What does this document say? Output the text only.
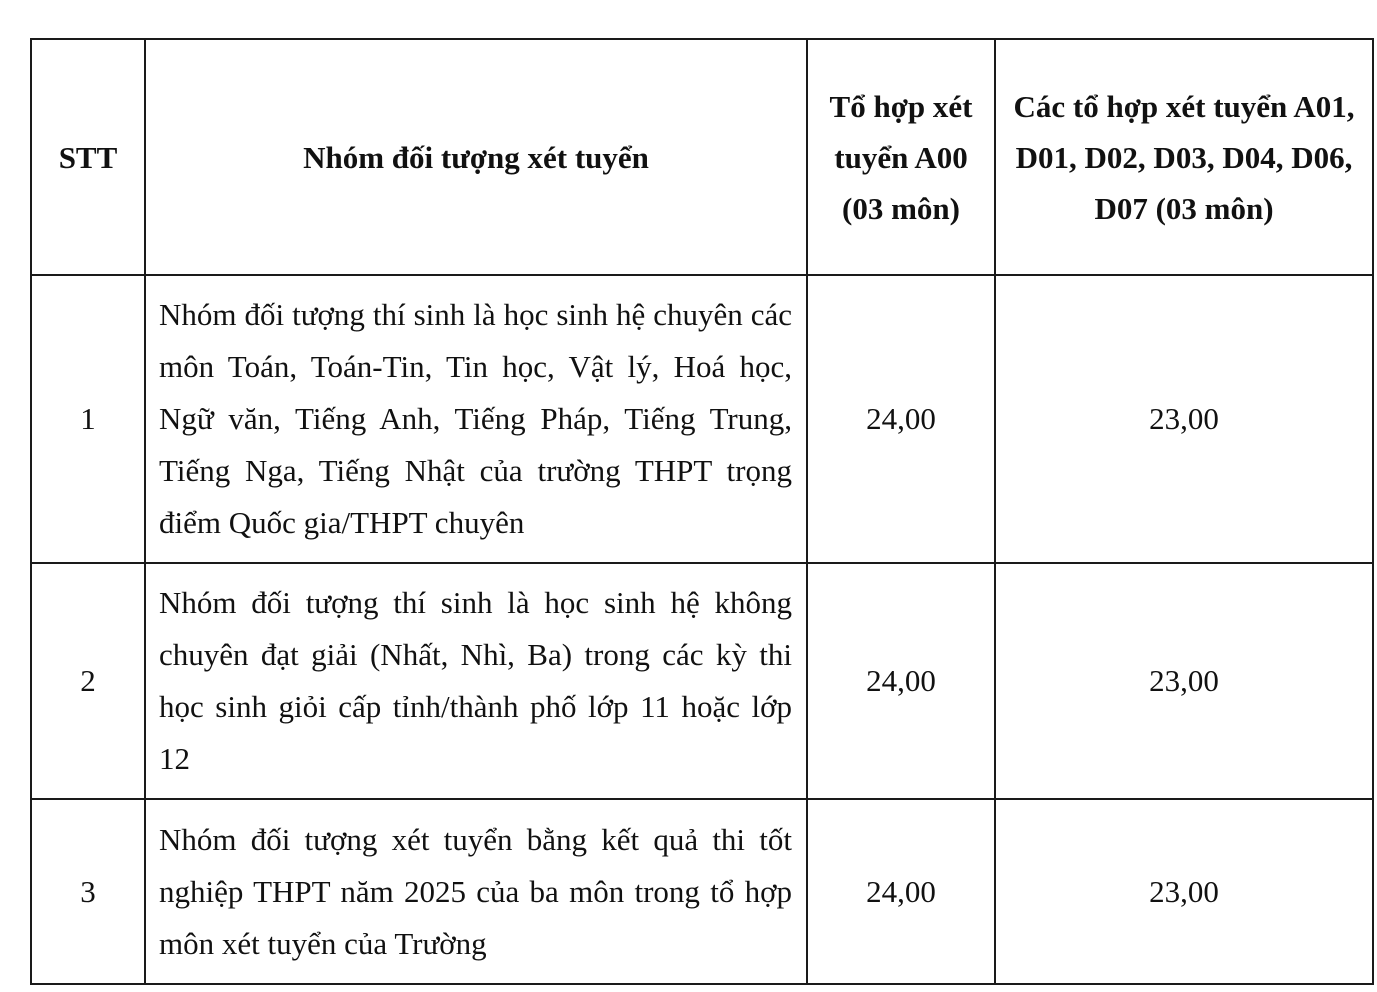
STT	Nhóm đối tượng xét tuyển	Tổ hợp xét tuyển A00 (03 môn)	Các tổ hợp xét tuyển A01, D01, D02, D03, D04, D06, D07 (03 môn)
1	Nhóm đối tượng thí sinh là học sinh hệ chuyên các môn Toán, Toán-Tin, Tin học, Vật lý, Hoá học, Ngữ văn, Tiếng Anh, Tiếng Pháp, Tiếng Trung, Tiếng Nga, Tiếng Nhật của trường THPT trọng điểm Quốc gia/THPT chuyên	24,00	23,00
2	Nhóm đối tượng thí sinh là học sinh hệ không chuyên đạt giải (Nhất, Nhì, Ba) trong các kỳ thi học sinh giỏi cấp tỉnh/thành phố lớp 11 hoặc lớp 12	24,00	23,00
3	Nhóm đối tượng xét tuyển bằng kết quả thi tốt nghiệp THPT năm 2025 của ba môn trong tổ hợp môn xét tuyển của Trường	24,00	23,00
